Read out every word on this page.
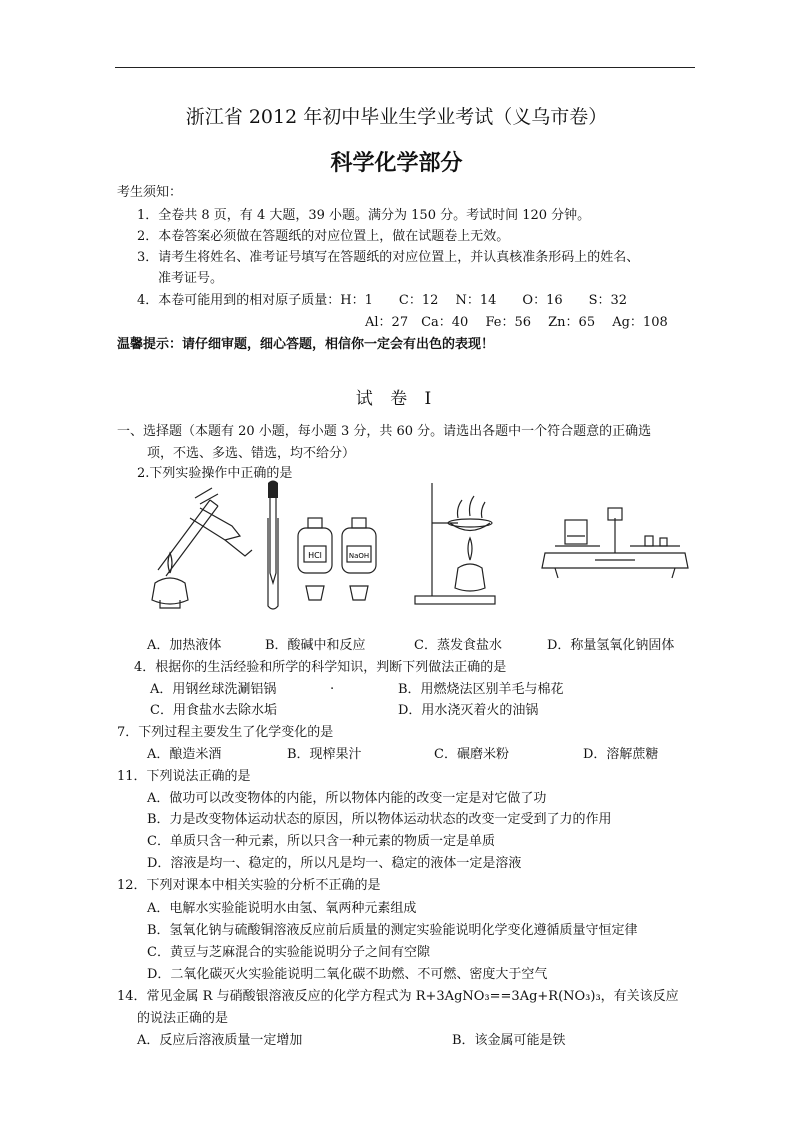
浙江省 2012 年初中毕业生学业考试（义乌市卷）
科学化学部分
考生须知：
1．全卷共 8 页，有 4 大题，39 小题。满分为 150 分。考试时间 120 分钟。
2．本卷答案必须做在答题纸的对应位置上，做在试题卷上无效。
3．请考生将姓名、准考证号填写在答题纸的对应位置上，并认真核准条形码上的姓名、
准考证号。
4．本卷可能用到的相对原子质量：H：1　　C：12　 N：14　　O：16　　S：32
Al：27　Ca：40　 Fe：56　 Zn：65　 Ag：108
温馨提示：请仔细审题，细心答题，相信你一定会有出色的表现！
试 卷 I
一、选择题（本题有 20 小题，每小题 3 分，共 60 分。请选出各题中一个符合题意的正确选
项，不选、多选、错选，均不给分）
2.下列实验操作中正确的是
HCl	NaOH
A．加热液体	B．酸碱中和反应	C．蒸发食盐水	D．称量氢氧化钠固体
4．根据你的生活经验和所学的科学知识，判断下列做法正确的是
A．用钢丝球洗涮铝锅	.	B．用燃烧法区别羊毛与棉花
C．用食盐水去除水垢	D．用水浇灭着火的油锅
7．下列过程主要发生了化学变化的是
A．酿造米酒	B．现榨果汁	C．碾磨米粉	D．溶解蔗糖
11．下列说法正确的是
A．做功可以改变物体的内能，所以物体内能的改变一定是对它做了功
B．力是改变物体运动状态的原因，所以物体运动状态的改变一定受到了力的作用
C．单质只含一种元素，所以只含一种元素的物质一定是单质
D．溶液是均一、稳定的，所以凡是均一、稳定的液体一定是溶液
12．下列对课本中相关实验的分析不正确的是
A．电解水实验能说明水由氢、氧两种元素组成
B．氢氧化钠与硫酸铜溶液反应前后质量的测定实验能说明化学变化遵循质量守恒定律
C．黄豆与芝麻混合的实验能说明分子之间有空隙
D．二氧化碳灭火实验能说明二氧化碳不助燃、不可燃、密度大于空气
14．常见金属 R 与硝酸银溶液反应的化学方程式为 R+3AgNO₃==3Ag+R(NO₃)₃，有关该反应
的说法正确的是
A．反应后溶液质量一定增加	B．该金属可能是铁
